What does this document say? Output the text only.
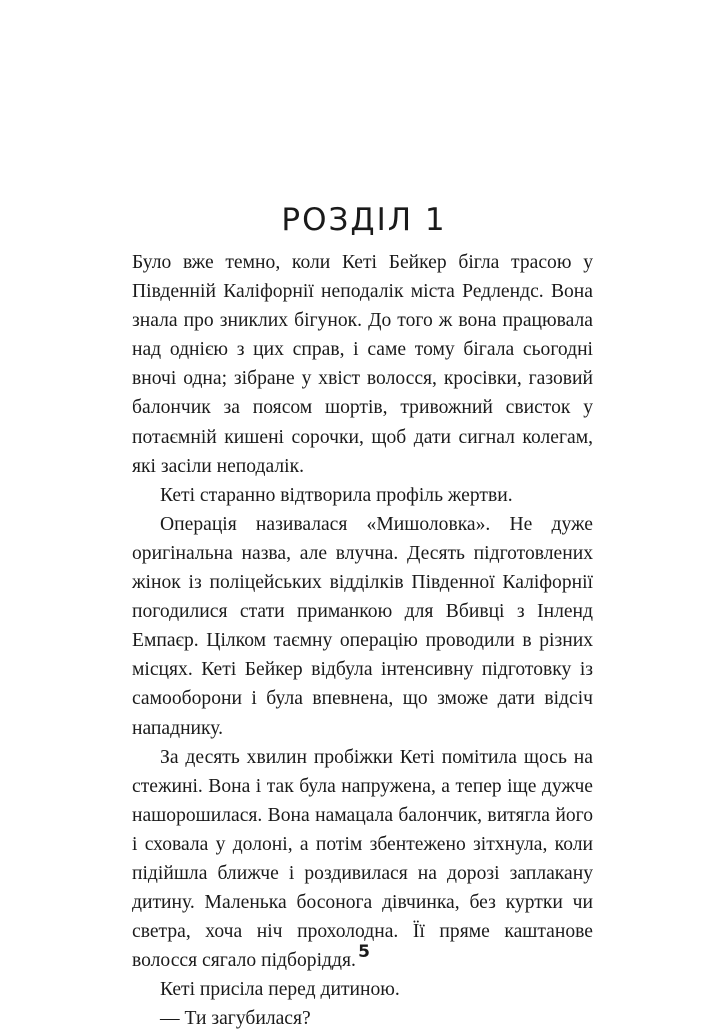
РОЗДІЛ 1

Було вже темно, коли Кеті Бейкер бігла трасою у Південній Каліфорнії неподалік міста Редлендс. Вона знала про зниклих бігунок. До того ж вона працювала над однією з цих справ, і саме тому бігала сьогодні вночі одна; зібране у хвіст волосся, кросівки, газовий балончик за поясом шортів, тривожний свисток у потаємній кишені сорочки, щоб дати сигнал колегам, які засіли неподалік.

Кеті старанно відтворила профіль жертви.

Операція називалася «Мишоловка». Не дуже оригінальна назва, але влучна. Десять підготовлених жінок із поліцейських відділків Південної Каліфорнії погодилися стати приманкою для Вбивці з Інленд Емпаєр. Цілком таємну операцію проводили в різних місцях. Кеті Бейкер відбула інтенсивну підготовку із самооборони і була впевнена, що зможе дати відсіч нападнику.

За десять хвилин пробіжки Кеті помітила щось на стежині. Вона і так була напружена, а тепер іще дужче нашорошилася. Вона намацала балончик, витягла його і сховала у долоні, а потім збентежено зітхнула, коли підійшла ближче і роздивилася на дорозі заплакану дитину. Маленька босонога дівчинка, без куртки чи светра, хоча ніч прохолодна. Її пряме каштанове волосся сягало підборіддя.

Кеті присіла перед дитиною.

— Ти загубилася?

5
